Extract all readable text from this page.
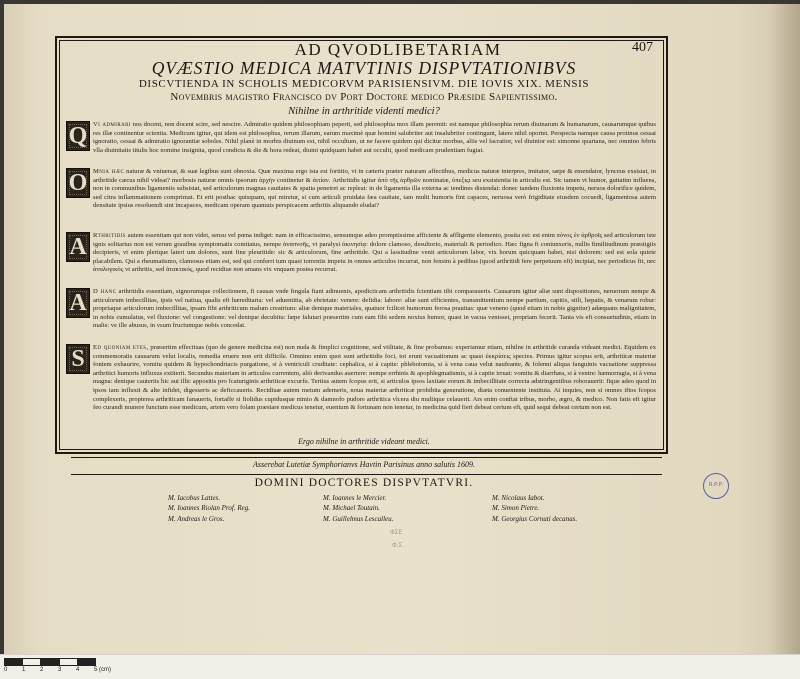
407
AD QVODLIBETARIAM
QVÆSTIO MEDICA MATVTINIS DISPVTATIONIBVS
DISCVTIENDA IN SCHOLIS MEDICORVM PARISIENSIVM. DIE IOVIS XIX. MENSIS
Novembris magistro Francisco dv Port Doctore medico Præside Sapientissimo.
Nihilne in arthritide videnti medici?
Q Vi admirari nos docent, non docent scire, sed nescire. Admiratio quidem philosophiam peperit, sed philosophia mox illam peremit: est namque philosophia rerum diuinarum & humanarum, causarumque quibus res illæ continentur scientia. Medicum igitur, qui idem est philosophus, rerum illarum, earum maximè quæ homini salubriter aut insalubriter contingunt, latere nihil oportet. Perspecta namque causa protinus cessat ignoratio, cessat & admiratio ignorantiæ soboles. Nihil planè in morbis diuinum est, nihil occultum, ut ne facere quidem qui dicitur morbus, aliis vel facratior, vel diuinior est: simonne quartana, nec omnino febris vlla diuinitatis titulis hoc nomine insignita, quod condicta & die & hora redeat, diuini quidquam habet aut occulti, quod medicam prudentiam fugiat.
O Mnia hæc naturæ & vniuersæ, & suæ legibus sunt obnoxia. Quæ maxima ergo ista est fortitio, vt in cæteris præter naturam affectibus, medicus naturæ interpres, imitator, sæpe & emendator, lynceus exsistat, in arthritide cæcus nihil videat? morbosis naturæ omnis ipsorum ἀρχὴν continetur & ἀιτίαν. Arthritidis igitur ἀπὸ τῆς ἀρθρῶν nominatæ, ὑπεξιςι seu exsistentia in articulis est. Sic tamen vt humor, guttatim influens, non in communibus ligamentis subsistat, sed articulorum magnas cauitates & spatia penetret ac repleat: in de ligamenta illa externa ac tendines distendat: donec tandem fluxionis impetu, neruos dolorifice quidem, sed citra inflammationem comprimat. Et erit posthac quisquam, qui miretur, si cum articuli pruidata fæa cauitate, tam multi humoris fint capaces, neruosa verò frigiditate eiusdem cocuedi, ligamentosa autem densitate ipsius resoluendi sint incapaces, medicam operam quamuis perspicacem arthritis aliquando eludat?
A Rthritidis autem essentiam qui non videt, sensu vel pœna indiget: nam in efficacissimo, sensumque adeo promptissime afficiente & affligente elemento, posita est: est enim πόνος ἐν ἀρθροῖς sed articulorum iste ignis solitarius non est verum grauibus symptomatis comitatus, nempe ἀναπνοῆς, vt paralysi ἀκινησίᾳ: dolore clamoso, desultorio, materiali & periodico. Hæc figna fi coniunxeris, nullis fimilitudinum præstigiis decipieris, vt enim plerique lateri um dolores, sunt fine pleuritide: sic & articulorum, fine arthritide. Qui a lassitudine venit articulorum labor, vix horum quicquam habet, nisi dolorem: sed est sola quiete placabilem. Qui a rheumatismo, clamosus etiam est, sed qui conferri tum quasi torrentis impetu in omnes articulos incurrat, non fensim à pedibus (quod arthritidi fere perpetuum eft) incipiat, nec periodicus fit, nec ἀναλογικὸς vt arthritis, sed ἀτακτικός, quod recidiue non amans vix vnquam postea recurrat.
A D hanc arthritidis essentiam, signorumque collectionem, fi causas vnde fingula fiant adinuenis, apodicticam arthritidis fcientiam tibi comparaueris. Causarum igitur aliæ sunt dispositiones, neruorum nempe & articulorum imbecillitas, ipsis vel natiua, qualis eft hæreditaria: vel aduentitia, ab ebrietate: venere: defidia: labore: aliæ sunt efficientes, transmittentium nempe partium, capitis, stili, hepatis, & venarum robur: propriaque articulorum imbecillitas, ipsam fibi arthriticum malum creatrium: aliæ denique materiales, quatuor fcilicet humorum ferosa prauitas: quæ veneno (quod etiam in nobis gignitur) adæquans malignitatem, in nobis cumulatus, vel fluxione: vel congestione: vel denique decubitu: fæpe falutari præsertim cum eam fibi sedem noxius humor, quasi in vacua venisset, propriam fecerit. Tanta vis eft consuetudinis, etiam in malis: ve ille abusus, in vsum fructumque nobis concedat.
S	Ed quoniam etes, præsertim effectiuas (quo de genere medicina est) non nuda & fimplici cognitione, sed vtilitate, & fine probamus: experiamur etiam, nihilne in arthritide curanda videant medici. Equidem ex commemoratis causarum velut localis, remedia eruere non erit difficile. Omnino enim quot sunt arthritidis foci, tot erunt vacuationum ac quasi ἐκκρίσεις species. Primus igitur scopus erit, arthriticæ materiæ fontem exhaurire, vomitu quidem & hypochondriacis purgatione, si à ventriculi cruditate: cephalica, si à capite: phlebotomia, si à vena caua velut naufeante, & folenni aliqua fanguinis vacuatione suppressa arthritici humoris influxus extiterit. Secundus materiam in articulos currentem, aliò derivandus auertere: nempe errhinis & apophlegmatismis, si à capite irruat: vomitu & diarrhæa, si à ventre: hæmorragia, si à vena magna: denique cauteriis hic aut illic appositis pro fcaturiginis arthriticæ excurfu. Tertius autem fcopus erit, si articulos ipsos laxitate eorum & imbecillitate correcta adstringentibus roborauerit: fique adeo quod in ipsos iam influxit & alte infidet, digesseris ac deficcaueris. Recidiuæ autem metum ademeris, noua materiæ arthriticæ prohibita generatione, diæta conueniente instituta. At inquies, non si omnes iftos fcopos complexeris, propterea arthriticam fanaueris, fortaffe si fiolidus cupidusque nimio & damnofo pudore arthritica vlcera diu multique celauerit. Ars enim conftat tribus, morbo, ægro, & medico. Non fatis eft igitur feo curandi munere functum esse medicum, artem vero folam præstare medicus tenetur, euentum & fortunam non tenetur, in medicina quid fieri debeat certum eft, quid sequi debeat certum non est.
Ergo nihilne in arthritide videant medici.
Asserebat Lutetiæ Symphorianvs Havtin Parisinus anno salutis 1609.
DOMINI DOCTORES DISPVTATVRI.
M. Iacobus Lattes.
M. Ioannes Riolan Prof. Reg.
M. Andreas le Gros.
M. Ioannes le Mercier.
M. Michael Toutain.
M. Guillelmus Lescalleu.
M. Nicolaus Iabot.
M. Simon Pietre.
M. Georgius Cornuti decanus.
R.P.P.
ΦΣΕ
Φ.Σ.
0 1 2 3 4 5 (cm)
